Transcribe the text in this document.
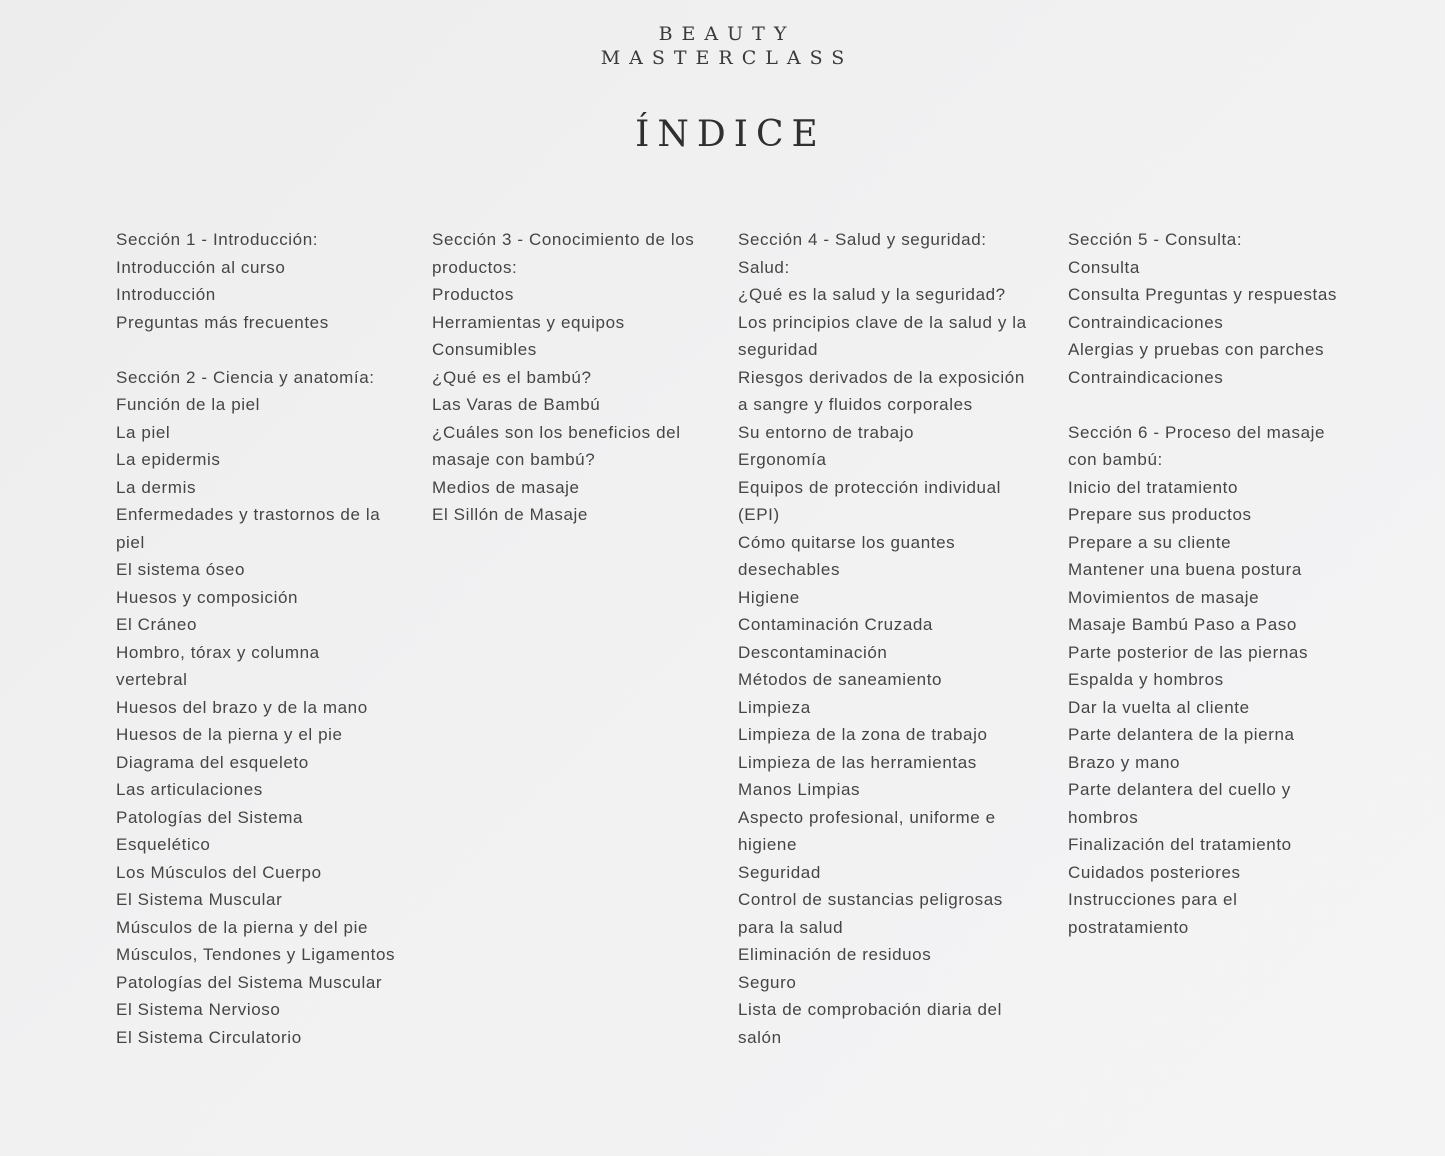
BEAUTY
MASTERCLASS
ÍNDICE
Sección 1 - Introducción:
Introducción al curso
Introducción
Preguntas más frecuentes
Sección 2 - Ciencia y anatomía:
Función de la piel
La piel
La epidermis
La dermis
Enfermedades y trastornos de la piel
El sistema óseo
Huesos y composición
El Cráneo
Hombro, tórax y columna vertebral
Huesos del brazo y de la mano
Huesos de la pierna y el pie
Diagrama del esqueleto
Las articulaciones
Patologías del Sistema Esquelético
Los Músculos del Cuerpo
El Sistema Muscular
Músculos de la pierna y del pie
Músculos, Tendones y Ligamentos
Patologías del Sistema Muscular
El Sistema Nervioso
El Sistema Circulatorio
Sección 3 - Conocimiento de los productos:
Productos
Herramientas y equipos
Consumibles
¿Qué es el bambú?
Las Varas de Bambú
¿Cuáles son los beneficios del masaje con bambú?
Medios de masaje
El Sillón de Masaje
Sección 4 - Salud y seguridad:
Salud:
¿Qué es la salud y la seguridad?
Los principios clave de la salud y la seguridad
Riesgos derivados de la exposición a sangre y fluidos corporales
Su entorno de trabajo
Ergonomía
Equipos de protección individual (EPI)
Cómo quitarse los guantes desechables
Higiene
Contaminación Cruzada
Descontaminación
Métodos de saneamiento
Limpieza
Limpieza de la zona de trabajo
Limpieza de las herramientas
Manos Limpias
Aspecto profesional, uniforme e higiene
Seguridad
Control de sustancias peligrosas para la salud
Eliminación de residuos
Seguro
Lista de comprobación diaria del salón
Sección 5 - Consulta:
Consulta
Consulta Preguntas y respuestas
Contraindicaciones
Alergias y pruebas con parches
Contraindicaciones
Sección 6 - Proceso del masaje con bambú:
Inicio del tratamiento
Prepare sus productos
Prepare a su cliente
Mantener una buena postura
Movimientos de masaje
Masaje Bambú Paso a Paso
Parte posterior de las piernas
Espalda y hombros
Dar la vuelta al cliente
Parte delantera de la pierna
Brazo y mano
Parte delantera del cuello y hombros
Finalización del tratamiento
Cuidados posteriores
Instrucciones para el postratamiento
